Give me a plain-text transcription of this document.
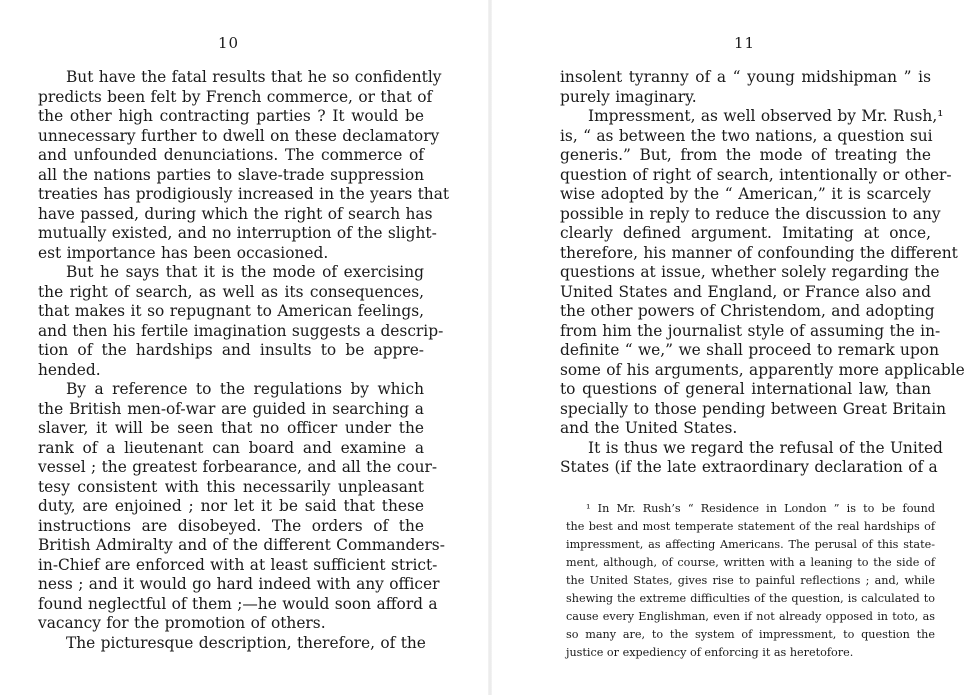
10
But have the fatal results that he so confidently
predicts been felt by French commerce, or that of
the other high contracting parties ? It would be
unnecessary further to dwell on these declamatory
and unfounded denunciations. The commerce of
all the nations parties to slave-trade suppression
treaties has prodigiously increased in the years that
have passed, during which the right of search has
mutually existed, and no interruption of the slight-
est importance has been occasioned.
But he says that it is the mode of exercising
the right of search, as well as its consequences,
that makes it so repugnant to American feelings,
and then his fertile imagination suggests a descrip-
tion of the hardships and insults to be appre-
hended.
By a reference to the regulations by which
the British men-of-war are guided in searching a
slaver, it will be seen that no officer under the
rank of a lieutenant can board and examine a
vessel ; the greatest forbearance, and all the cour-
tesy consistent with this necessarily unpleasant
duty, are enjoined ; nor let it be said that these
instructions are disobeyed. The orders of the
British Admiralty and of the different Commanders-
in-Chief are enforced with at least sufficient strict-
ness ; and it would go hard indeed with any officer
found neglectful of them ;—he would soon afford a
vacancy for the promotion of others.
The picturesque description, therefore, of the
11
insolent tyranny of a “ young midshipman ” is
purely imaginary.
Impressment, as well observed by Mr. Rush,¹
is, “ as between the two nations, a question sui
generis.” But, from the mode of treating the
question of right of search, intentionally or other-
wise adopted by the “ American,” it is scarcely
possible in reply to reduce the discussion to any
clearly defined argument. Imitating at once,
therefore, his manner of confounding the different
questions at issue, whether solely regarding the
United States and England, or France also and
the other powers of Christendom, and adopting
from him the journalist style of assuming the in-
definite “ we,” we shall proceed to remark upon
some of his arguments, apparently more applicable
to questions of general international law, than
specially to those pending between Great Britain
and the United States.
It is thus we regard the refusal of the United
States (if the late extraordinary declaration of a
¹ In Mr. Rush’s “ Residence in London ” is to be found
the best and most temperate statement of the real hardships of
impressment, as affecting Americans. The perusal of this state-
ment, although, of course, written with a leaning to the side of
the United States, gives rise to painful reflections ; and, while
shewing the extreme difficulties of the question, is calculated to
cause every Englishman, even if not already opposed in toto, as
so many are, to the system of impressment, to question the
justice or expediency of enforcing it as heretofore.
